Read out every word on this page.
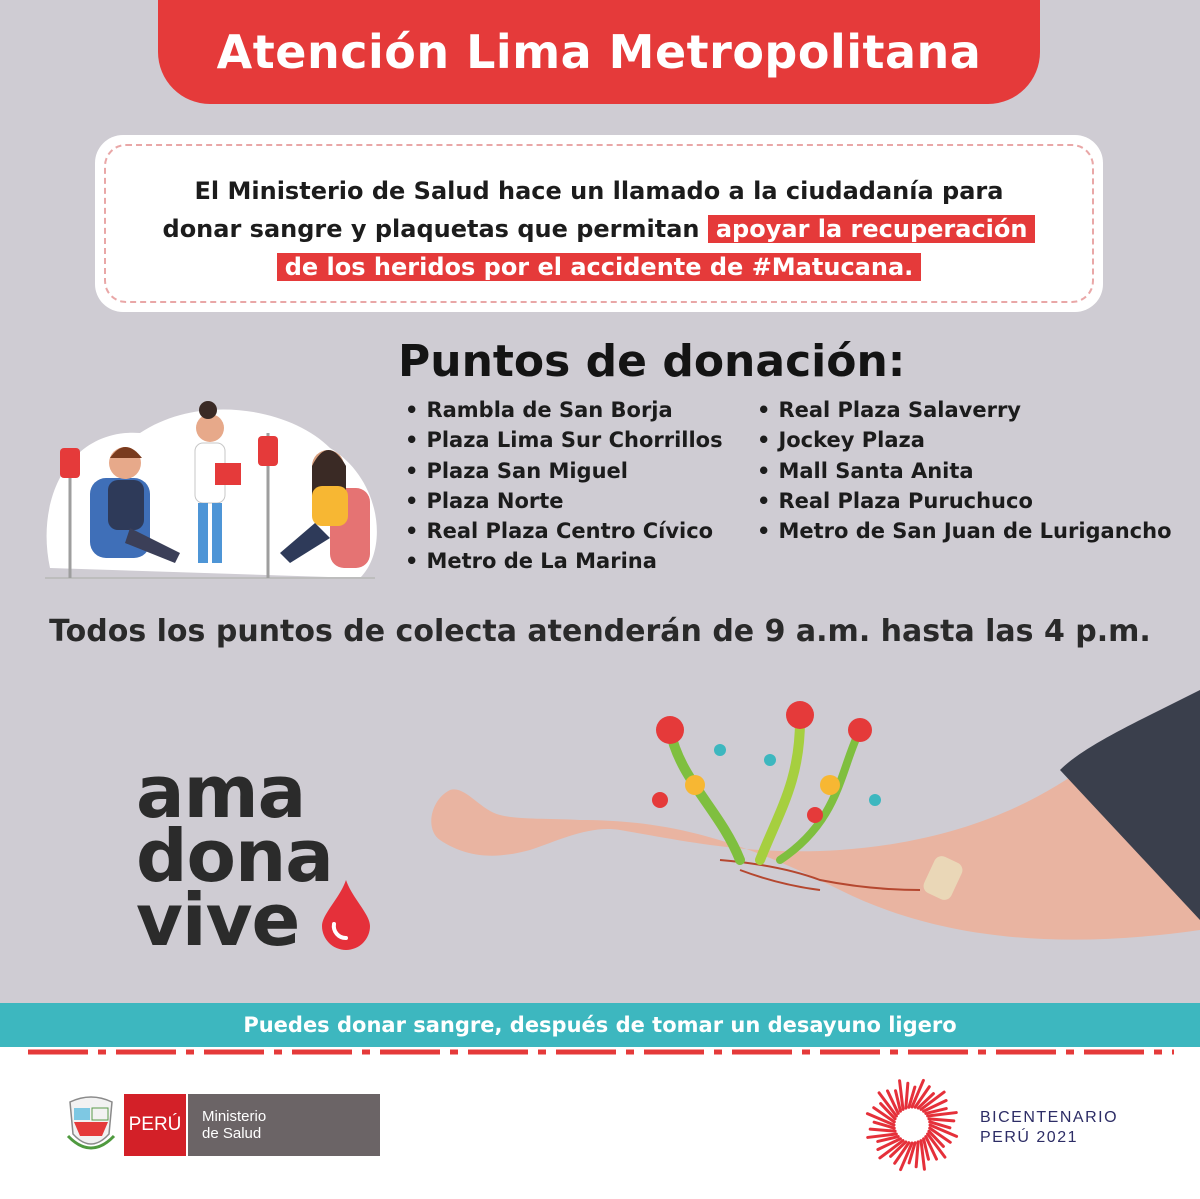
Atención Lima Metropolitana

El Ministerio de Salud hace un llamado a la ciudadanía para
donar sangre y plaquetas que permitan apoyar la recuperación
de los heridos por el accidente de #Matucana.

Puntos de donación:
• Rambla de San Borja
• Plaza Lima Sur Chorrillos
• Plaza San Miguel
• Plaza Norte
• Real Plaza Centro Cívico
• Metro de La Marina
• Real Plaza Salaverry
• Jockey Plaza
• Mall Santa Anita
• Real Plaza Puruchuco
• Metro de San Juan de Lurigancho
Todos los puntos de colecta atenderán de 9 a.m. hasta las 4 p.m.
ama
dona
vive
Puedes donar sangre, después de tomar un desayuno ligero
PERÚ	Ministerio
de Salud
BICENTENARIO
PERÚ 2021
